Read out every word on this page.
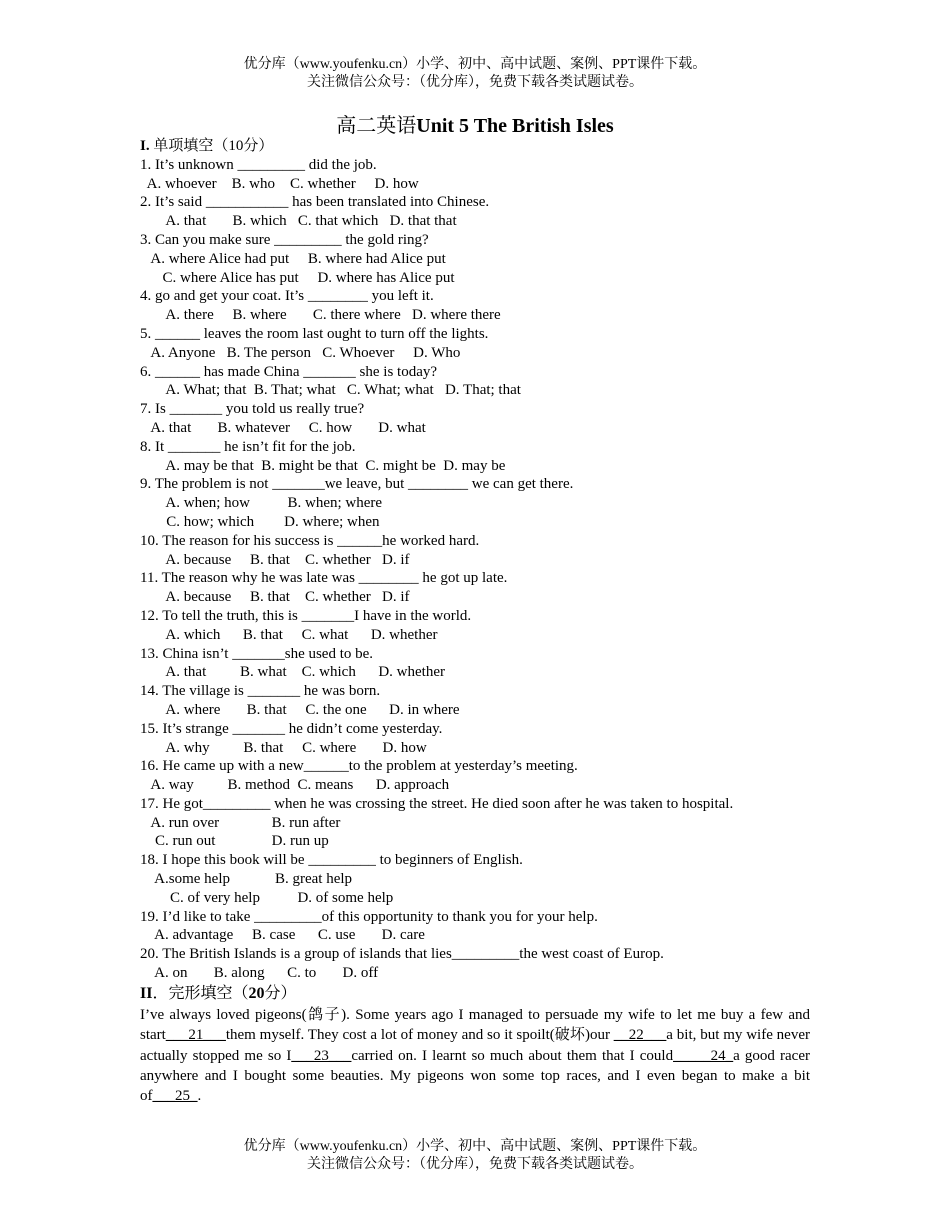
优分库（www.youfenku.cn）小学、初中、高中试题、案例、PPT课件下载。
关注微信公众号：（优分库），免费下载各类试题试卷。
高二英语Unit 5 The British Isles
I. 单项填空（10分）
1. It’s unknown _________ did the job.
A. whoever    B. who    C. whether     D. how
2. It’s said ___________ has been translated into Chinese.
A. that       B. which   C. that which   D. that that
3. Can you make sure _________ the gold ring?
A. where Alice had put     B. where had Alice put
C. where Alice has put     D. where has Alice put
4. go and get your coat. It’s ________ you left it.
A. there     B. where       C. there where   D. where there
5. ______ leaves the room last ought to turn off the lights.
A. Anyone   B. The person   C. Whoever     D. Who
6. ______ has made China _______ she is today?
A. What; that  B. That; what   C. What; what   D. That; that
7. Is _______ you told us really true?
A. that       B. whatever     C. how       D. what
8. It _______ he isn’t fit for the job.
A. may be that  B. might be that  C. might be  D. may be
9. The problem is not _______we leave, but ________ we can get there.
A. when; how          B. when; where
C. how; which        D. where; when
10. The reason for his success is ______he worked hard.
A. because     B. that    C. whether   D. if
11. The reason why he was late was ________ he got up late.
A. because     B. that    C. whether   D. if
12. To tell the truth, this is _______I have in the world.
A. which      B. that     C. what      D. whether
13. China isn’t _______she used to be.
A. that         B. what    C. which      D. whether
14. The village is _______ he was born.
A. where       B. that     C. the one      D. in where
15. It’s strange _______ he didn’t come yesterday.
A. why         B. that     C. where       D. how
16. He came up with a new______to the problem at yesterday’s meeting.
A. way         B. method  C. means      D. approach
17. He got_________ when he was crossing the street. He died soon after he was taken to hospital.
A. run over              B. run after
C. run out               D. run up
18. I hope this book will be _________ to beginners of English.
A.some help            B. great help
C. of very help          D. of some help
19. I’d like to take _________of this opportunity to thank you for your help.
A. advantage     B. case      C. use       D. care
20. The British Islands is a group of islands that lies_________the west coast of Europ.
A. on       B. along      C. to       D. off
II．完形填空（20分）
I’ve always loved pigeons(鸽子). Some years ago I managed to persuade my wife to let me buy a few and start___21___them myself. They cost a lot of money and so it spoilt(破坏)our __22___a bit, but my wife never actually stopped me so I___23___carried on. I learnt so much about them that I could_____24_a good racer anywhere and I bought some beauties. My pigeons won some top races, and I even began to make a bit of___25_.
优分库（www.youfenku.cn）小学、初中、高中试题、案例、PPT课件下载。
关注微信公众号：（优分库），免费下载各类试题试卷。
